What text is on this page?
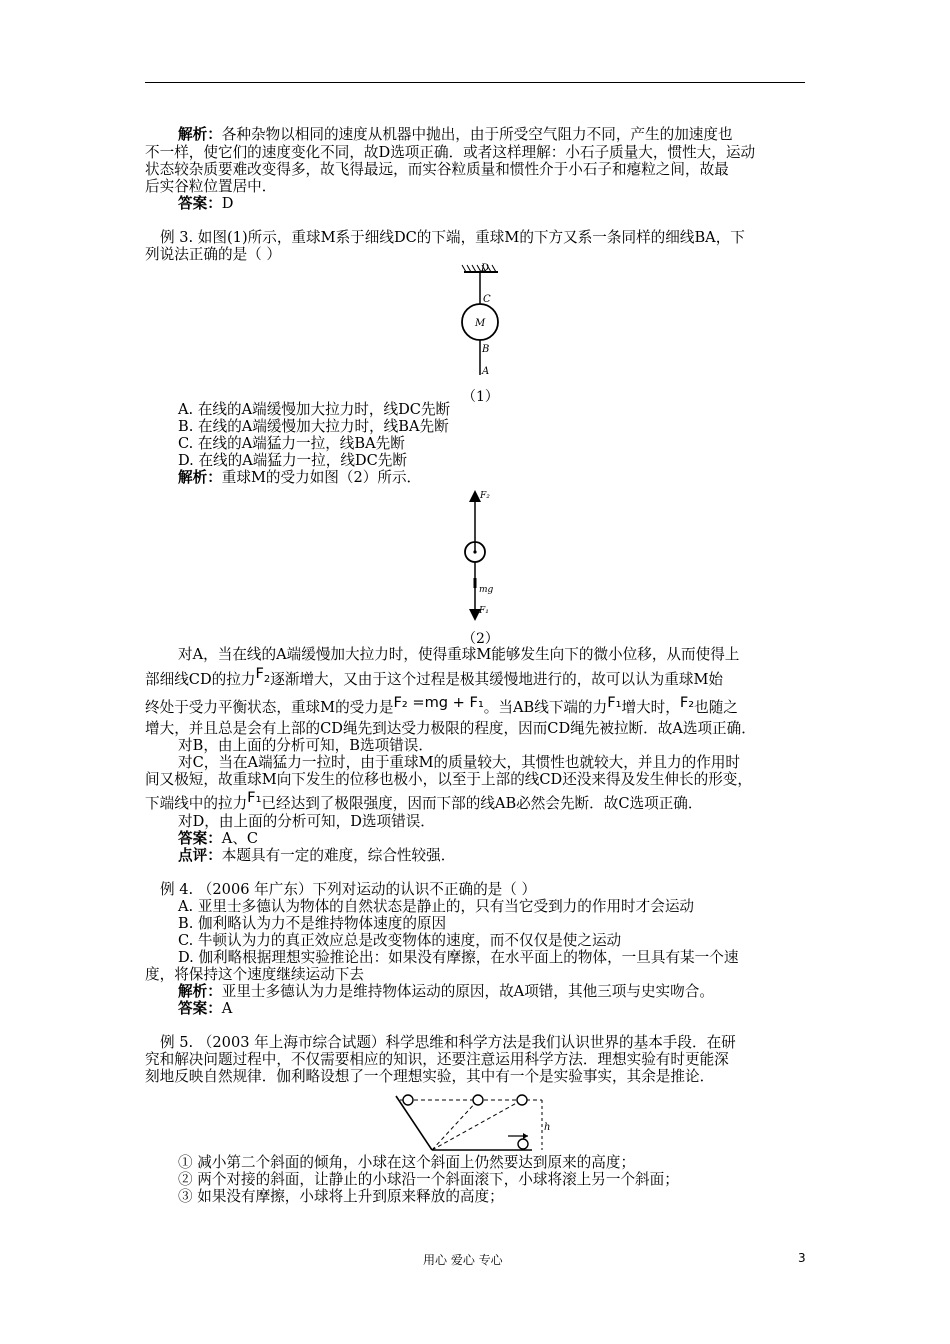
解析：各种杂物以相同的速度从机器中抛出，由于所受空气阻力不同，产生的加速度也
不一样，使它们的速度变化不同，故D选项正确．或者这样理解：小石子质量大，惯性大，运动
状态较杂质要难改变得多，故飞得最远，而实谷粒质量和惯性介于小石子和瘪粒之间，故最
后实谷粒位置居中．
答案：D
例 3. 如图(1)所示，重球M系于细线DC的下端，重球M的下方又系一条同样的细线BA，下
列说法正确的是（ ）
D
C
M
B
A
（1）
A. 在线的A端缓慢加大拉力时，线DC先断
B. 在线的A端缓慢加大拉力时，线BA先断
C. 在线的A端猛力一拉，线BA先断
D. 在线的A端猛力一拉，线DC先断
解析：重球M的受力如图（2）所示．
F₂
mg
F₁
（2）
对A，当在线的A端缓慢加大拉力时，使得重球M能够发生向下的微小位移，从而使得上
部细线CD的拉力$F_2$逐渐增大，又由于这个过程是极其缓慢地进行的，故可以认为重球M始
终处于受力平衡状态，重球M的受力是F₂ =mg + F₁。当AB线下端的力F₁增大时，F₂也随之
增大，并且总是会有上部的CD绳先到达受力极限的程度，因而CD绳先被拉断．故A选项正确．
对B，由上面的分析可知，B选项错误．
对C，当在A端猛力一拉时，由于重球M的质量较大，其惯性也就较大，并且力的作用时
间又极短，故重球M向下发生的位移也极小，以至于上部的线CD还没来得及发生伸长的形变，
下端线中的拉力F₁已经达到了极限强度，因而下部的线AB必然会先断．故C选项正确．
对D，由上面的分析可知，D选项错误．
答案：A、C
点评：本题具有一定的难度，综合性较强．
例 4. （2006 年广东）下列对运动的认识不正确的是（ ）
A. 亚里士多德认为物体的自然状态是静止的，只有当它受到力的作用时才会运动
B. 伽利略认为力不是维持物体速度的原因
C. 牛顿认为力的真正效应总是改变物体的速度，而不仅仅是使之运动
D. 伽利略根据理想实验推论出：如果没有摩擦，在水平面上的物体，一旦具有某一个速
度，将保持这个速度继续运动下去
解析：亚里士多德认为力是维持物体运动的原因，故A项错，其他三项与史实吻合。
答案：A
例 5. （2003 年上海市综合试题）科学思维和科学方法是我们认识世界的基本手段．在研
究和解决问题过程中，不仅需要相应的知识，还要注意运用科学方法．理想实验有时更能深
刻地反映自然规律．伽利略设想了一个理想实验，其中有一个是实验事实，其余是推论．
h
① 减小第二个斜面的倾角，小球在这个斜面上仍然要达到原来的高度；
② 两个对接的斜面，让静止的小球沿一个斜面滚下，小球将滚上另一个斜面；
③ 如果没有摩擦，小球将上升到原来释放的高度；
用心 爱心 专心	3
